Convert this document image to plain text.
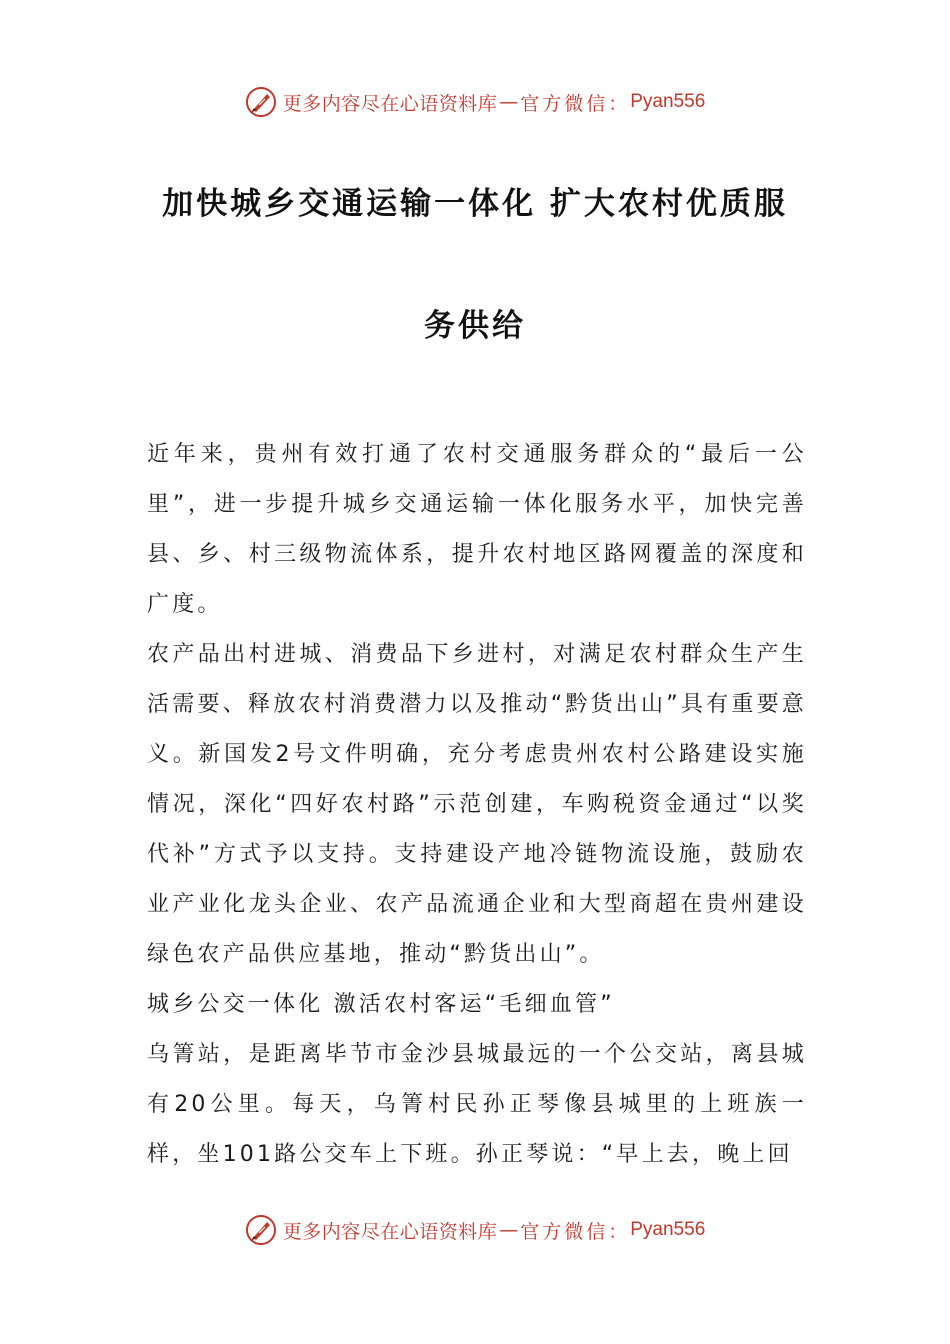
更多内容尽在心语资料库 — 官方微信： Pyan556
加快城乡交通运输一体化 扩大农村优质服
务供给

近年来，贵州有效打通了农村交通服务群众的“最后一公里”，进一步提升城乡交通运输一体化服务水平，加快完善县、乡、村三级物流体系，提升农村地区路网覆盖的深度和广度。

农产品出村进城、消费品下乡进村，对满足农村群众生产生活需要、释放农村消费潜力以及推动“黔货出山”具有重要意义。新国发2号文件明确，充分考虑贵州农村公路建设实施情况，深化“四好农村路”示范创建，车购税资金通过“以奖代补”方式予以支持。支持建设产地冷链物流设施，鼓励农业产业化龙头企业、农产品流通企业和大型商超在贵州建设绿色农产品供应基地，推动“黔货出山”。

城乡公交一体化 激活农村客运“毛细血管”

乌箐站，是距离毕节市金沙县城最远的一个公交站，离县城有20公里。每天，乌箐村民孙正琴像县城里的上班族一样，坐101路公交车上下班。孙正琴说：“早上去，晚上回

更多内容尽在心语资料库 — 官方微信： Pyan556
